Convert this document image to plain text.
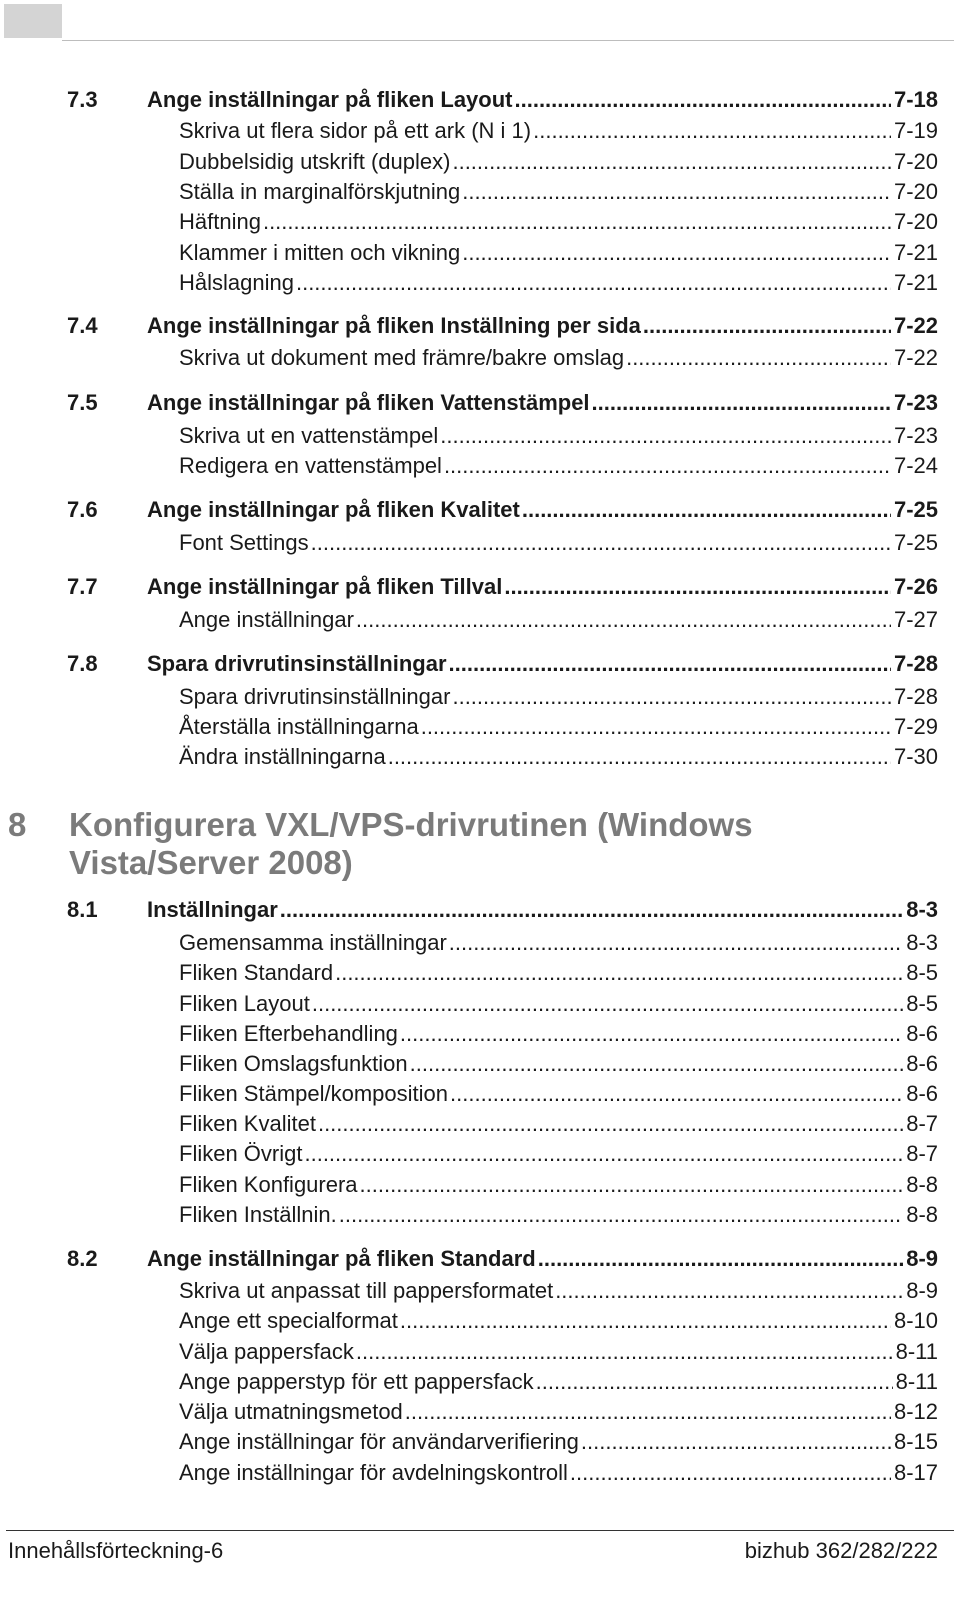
7.3 Ange inställningar på fliken Layout .....	7-18
Skriva ut flera sidor på ett ark (N i 1) .....	7-19
Dubbelsidig utskrift (duplex) .....	7-20
Ställa in marginalförskjutning .....	7-20
Häftning .....	7-20
Klammer i mitten och vikning .....	7-21
Hålslagning .....	7-21
7.4 Ange inställningar på fliken Inställning per sida .....	7-22
Skriva ut dokument med främre/bakre omslag .....	7-22
7.5 Ange inställningar på fliken Vattenstämpel .....	7-23
Skriva ut en vattenstämpel .....	7-23
Redigera en vattenstämpel .....	7-24
7.6 Ange inställningar på fliken Kvalitet .....	7-25
Font Settings .....	7-25
7.7 Ange inställningar på fliken Tillval .....	7-26
Ange inställningar .....	7-27
7.8 Spara drivrutinsinställningar .....	7-28
Spara drivrutinsinställningar .....	7-28
Återställa inställningarna .....	7-29
Ändra inställningarna .....	7-30
8.1 Inställningar .....	8-3
Gemensamma inställningar .....	8-3
Fliken Standard .....	8-5
Fliken Layout .....	8-5
Fliken Efterbehandling .....	8-6
Fliken Omslagsfunktion .....	8-6
Fliken Stämpel/komposition .....	8-6
Fliken Kvalitet .....	8-7
Fliken Övrigt .....	8-7
Fliken Konfigurera .....	8-8
Fliken Inställnin. .....	8-8
8.2 Ange inställningar på fliken Standard .....	8-9
Skriva ut anpassat till pappersformatet .....	8-9
Ange ett specialformat .....	8-10
Välja pappersfack .....	8-11
Ange papperstyp för ett pappersfack .....	8-11
Välja utmatningsmetod .....	8-12
Ange inställningar för användarverifiering .....	8-15
Ange inställningar för avdelningskontroll .....	8-17
8 Konfigurera VXL/VPS-drivrutinen (Windows Vista/Server 2008)
Innehållsförteckning-6	bizhub 362/282/222
